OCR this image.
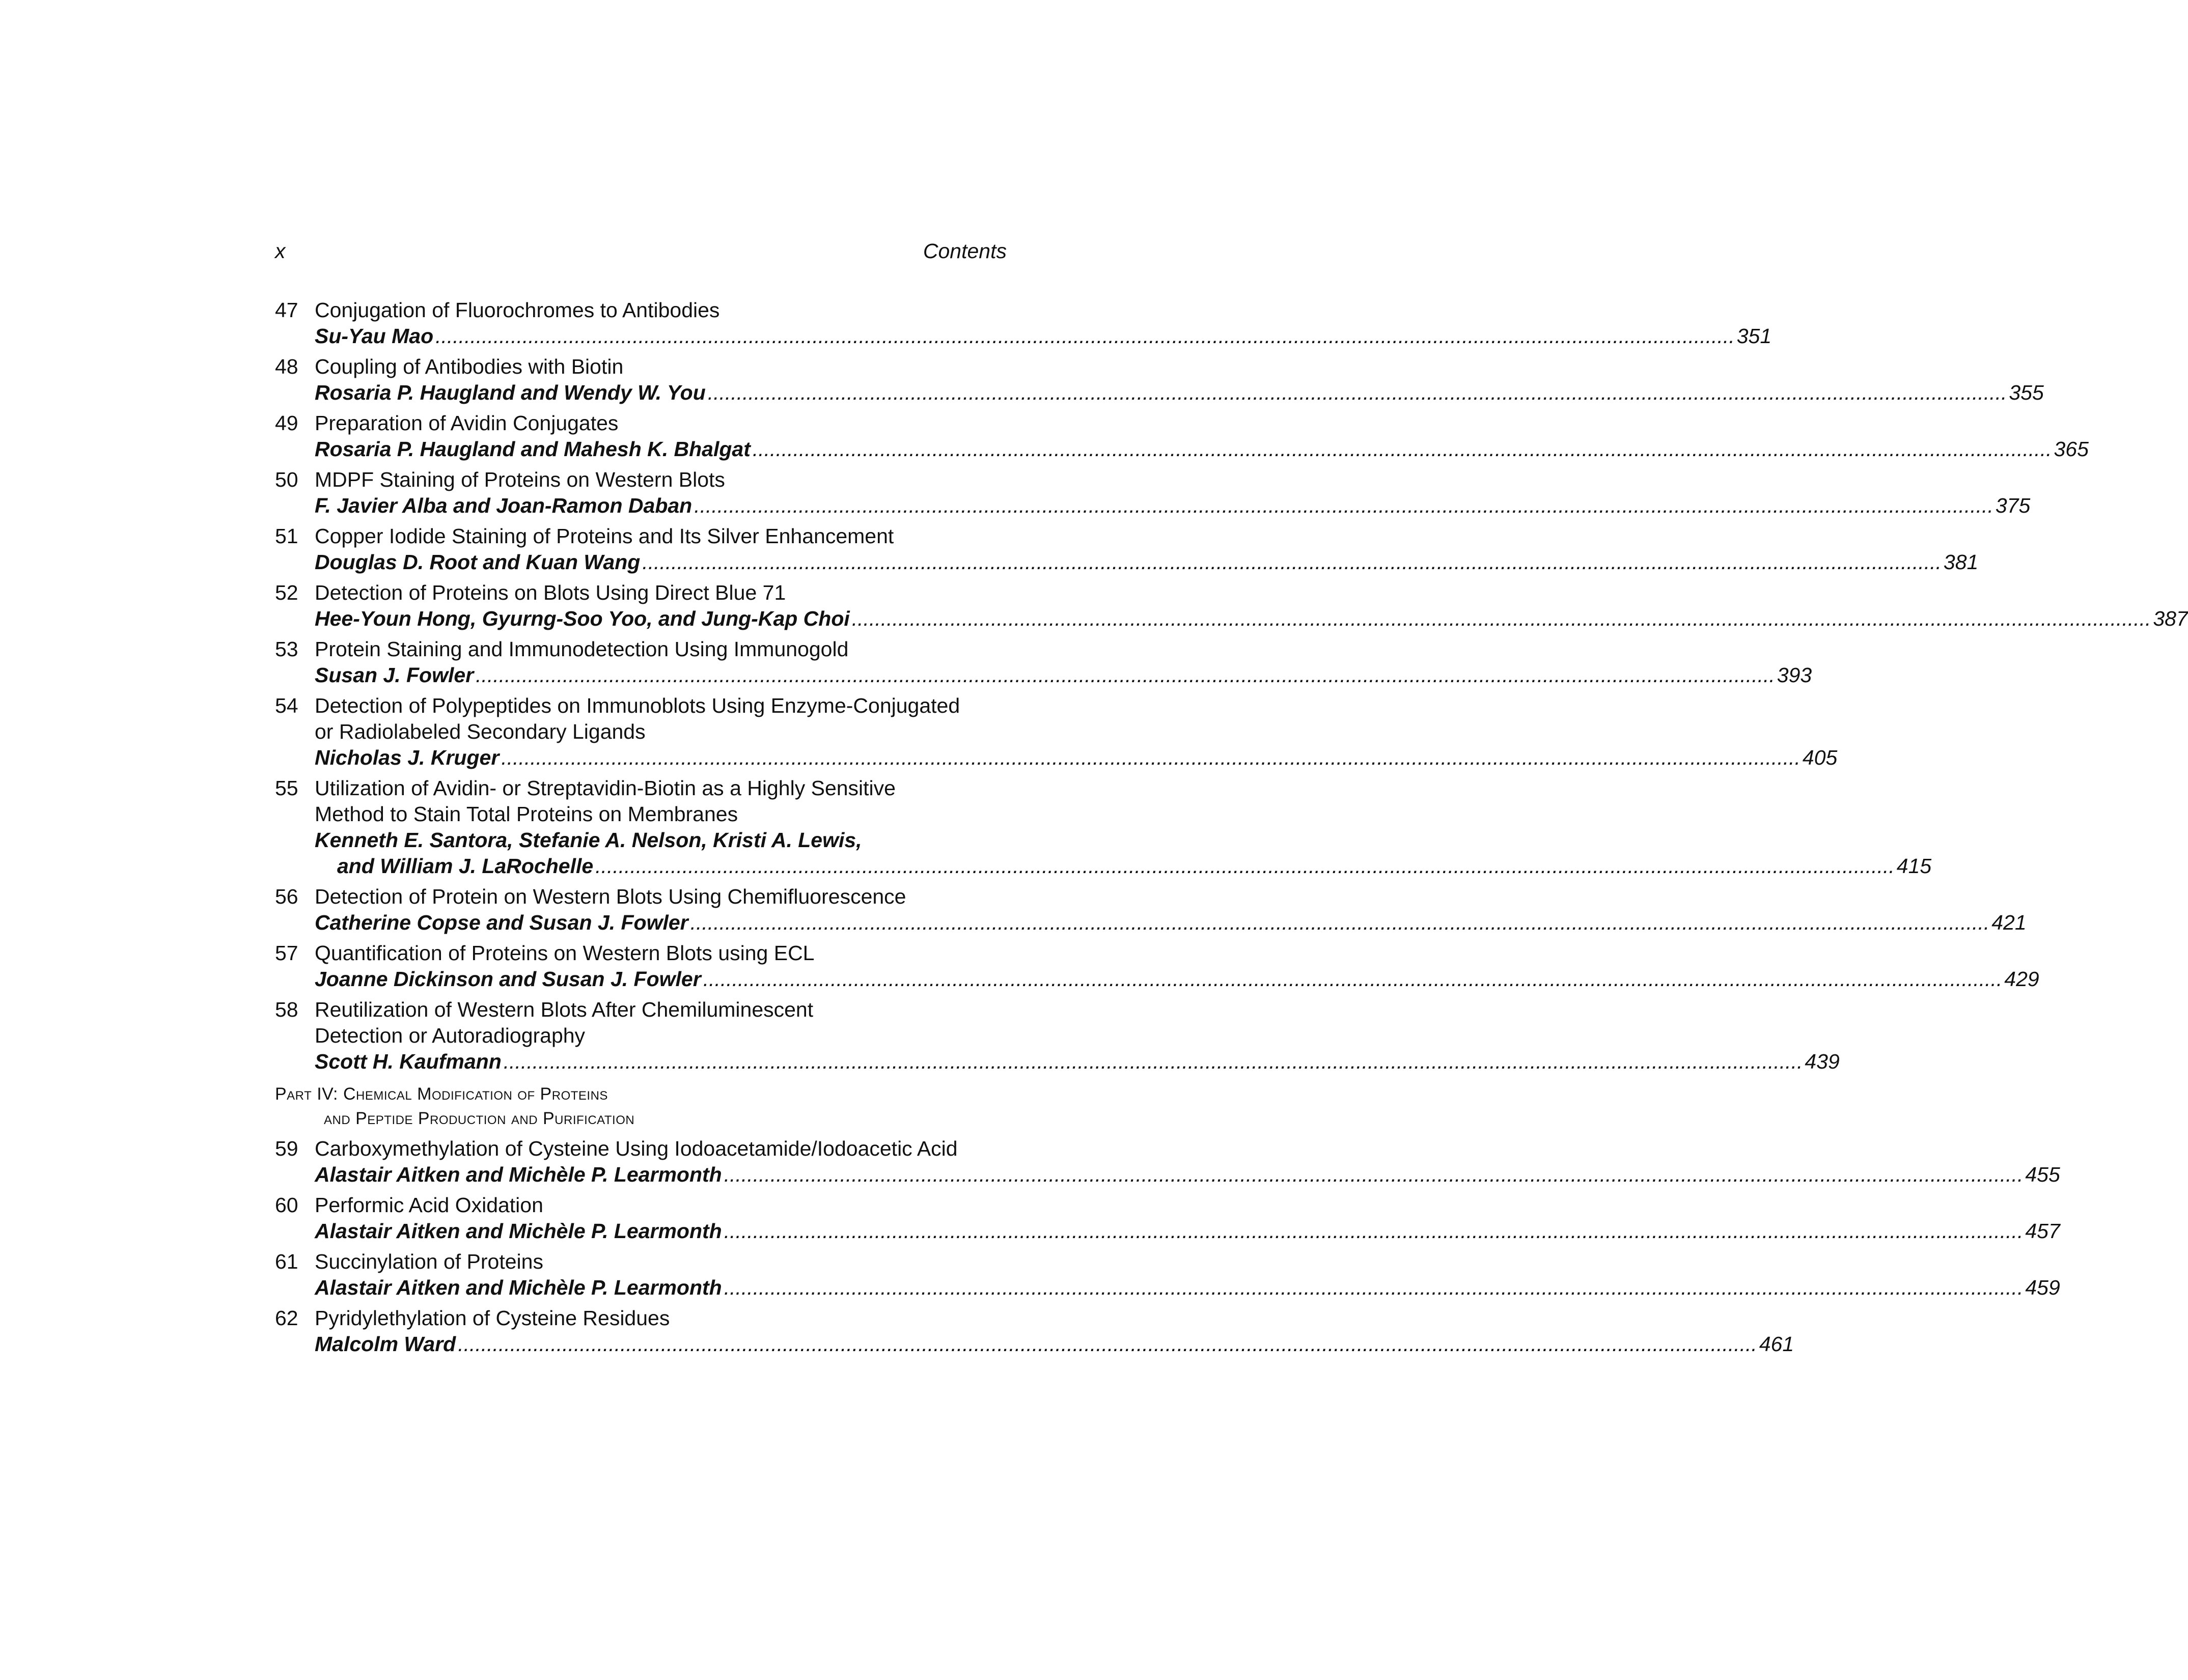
x	Contents
47 Conjugation of Fluorochromes to Antibodies
Su-Yau Mao .....	351
48 Coupling of Antibodies with Biotin
Rosaria P. Haugland and Wendy W. You .....	355
49 Preparation of Avidin Conjugates
Rosaria P. Haugland and Mahesh K. Bhalgat .....	365
50 MDPF Staining of Proteins on Western Blots
F. Javier Alba and Joan-Ramon Daban .....	375
51 Copper Iodide Staining of Proteins and Its Silver Enhancement
Douglas D. Root and Kuan Wang .....	381
52 Detection of Proteins on Blots Using Direct Blue 71
Hee-Youn Hong, Gyurng-Soo Yoo, and Jung-Kap Choi .....	387
53 Protein Staining and Immunodetection Using Immunogold
Susan J. Fowler .....	393
54 Detection of Polypeptides on Immunoblots Using Enzyme-Conjugated
or Radiolabeled Secondary Ligands
Nicholas J. Kruger .....	405
55 Utilization of Avidin- or Streptavidin-Biotin as a Highly Sensitive
Method to Stain Total Proteins on Membranes
Kenneth E. Santora, Stefanie A. Nelson, Kristi A. Lewis,
and William J. LaRochelle .....	415
56 Detection of Protein on Western Blots Using Chemifluorescence
Catherine Copse and Susan J. Fowler .....	421
57 Quantification of Proteins on Western Blots using ECL
Joanne Dickinson and Susan J. Fowler .....	429
58 Reutilization of Western Blots After Chemiluminescent
Detection or Autoradiography
Scott H. Kaufmann .....	439
Part IV: Chemical Modification of Proteins
and Peptide Production and Purification
59 Carboxymethylation of Cysteine Using Iodoacetamide/Iodoacetic Acid
Alastair Aitken and Michèle P. Learmonth .....	455
60 Performic Acid Oxidation
Alastair Aitken and Michèle P. Learmonth .....	457
61 Succinylation of Proteins
Alastair Aitken and Michèle P. Learmonth .....	459
62 Pyridylethylation of Cysteine Residues
Malcolm Ward .....	461
